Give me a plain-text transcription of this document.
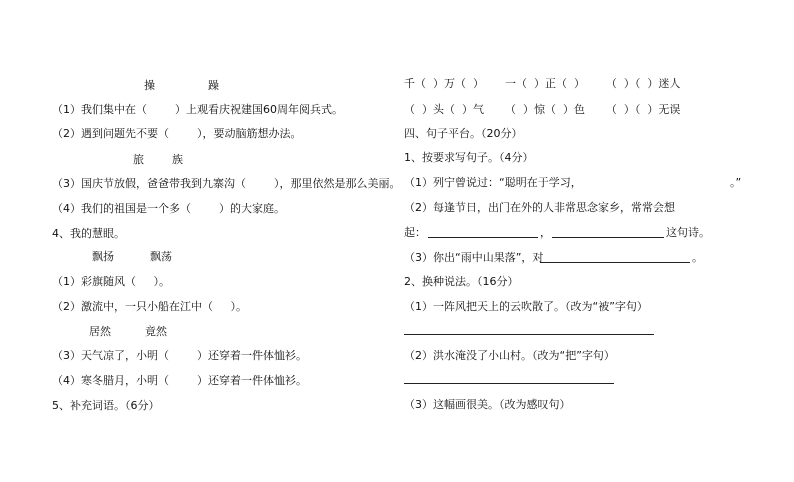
操	躁
（1）我们集中在（        ）上观看庆祝建国60周年阅兵式。
（2）遇到问题先不要（        ），要动脑筋想办法。
旅	族
（3）国庆节放假，爸爸带我到九寨沟（        ），那里依然是那么美丽。
（4）我们的祖国是一个多（        ）的大家庭。
4、我的慧眼。
飘扬	飘荡
（1）彩旗随风（     ）。
（2）激流中，一只小船在江中（     ）。
居然	竟然
（3）天气凉了，小明（        ）还穿着一件体恤衫。
（4）寒冬腊月，小明（        ）还穿着一件体恤衫。
5、补充词语。（6分）
千（  ）万（  ）      一（  ）正（  ）      （  ）（  ）迷人
（  ）头（  ）气      （  ）惊（  ）色      （  ）（  ）无误
四、句子平台。（20分）
1、按要求写句子。（4分）
（1）列宁曾说过：“聪明在于学习，	。”
（2）每逢节日，出门在外的人非常思念家乡，常常会想
起：	，	这句诗。
（3）你出“雨中山果落”，对	。
2、换种说法。（16分）
（1）一阵风把天上的云吹散了。（改为“被”字句）
（2）洪水淹没了小山村。（改为“把”字句）
（3）这幅画很美。（改为感叹句）
